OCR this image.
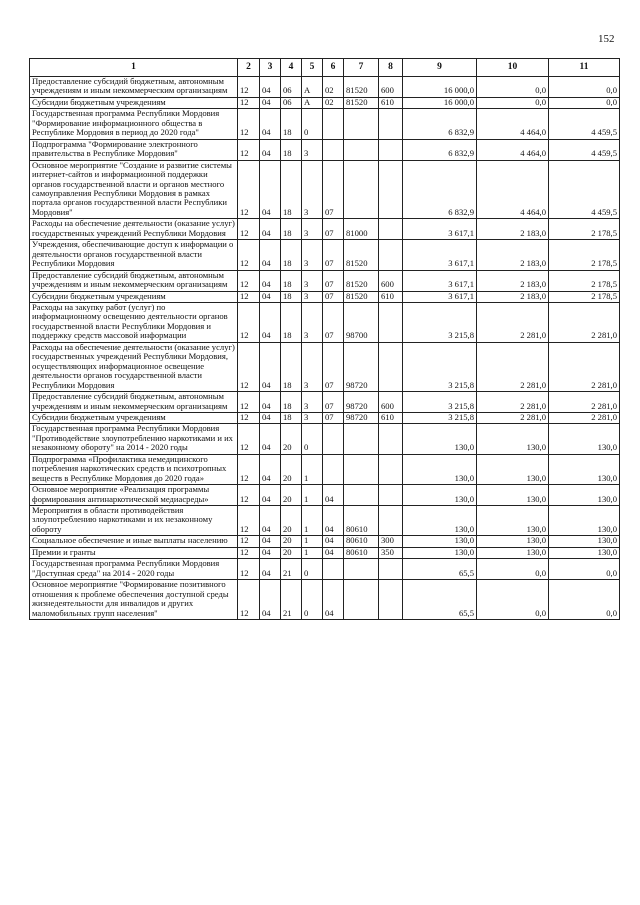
152
1	2	3	4	5	6	7	8	9	10	11
Предоставление субсидий бюджетным, автономным учреждениям и иным некоммерческим организациям	12	04	06	А	02	81520	600	16 000,0	0,0	0,0
Субсидии бюджетным учреждениям	12	04	06	А	02	81520	610	16 000,0	0,0	0,0
Государственная программа Республики Мордовия "Формирование информационного общества в Республике Мордовия в период до 2020 года"	12	04	18	0				6 832,9	4 464,0	4 459,5
Подпрограмма "Формирование электронного правительства в Республике Мордовия"	12	04	18	3				6 832,9	4 464,0	4 459,5
Основное мероприятие "Создание и развитие системы интернет-сайтов и информационной поддержки органов государственной власти и органов местного самоуправления Республики Мордовия в рамках портала органов государственной власти Республики Мордовия"	12	04	18	3	07			6 832,9	4 464,0	4 459,5
Расходы на обеспечение деятельности (оказание услуг) государственных учреждений Республики Мордовия	12	04	18	3	07	81000		3 617,1	2 183,0	2 178,5
Учреждения, обеспечивающие доступ к информации о деятельности органов государственной власти Республики Мордовия	12	04	18	3	07	81520		3 617,1	2 183,0	2 178,5
Предоставление субсидий бюджетным, автономным учреждениям и иным некоммерческим организациям	12	04	18	3	07	81520	600	3 617,1	2 183,0	2 178,5
Субсидии бюджетным учреждениям	12	04	18	3	07	81520	610	3 617,1	2 183,0	2 178,5
Расходы на закупку работ (услуг) по информационному освещению деятельности органов государственной власти Республики Мордовия и поддержку средств массовой информации	12	04	18	3	07	98700		3 215,8	2 281,0	2 281,0
Расходы на обеспечение деятельности (оказание услуг) государственных учреждений Республики Мордовия, осуществляющих информационное освещение деятельности органов государственной власти Республики Мордовия	12	04	18	3	07	98720		3 215,8	2 281,0	2 281,0
Предоставление субсидий бюджетным, автономным учреждениям и иным некоммерческим организациям	12	04	18	3	07	98720	600	3 215,8	2 281,0	2 281,0
Субсидии бюджетным учреждениям	12	04	18	3	07	98720	610	3 215,8	2 281,0	2 281,0
Государственная программа Республики Мордовия "Противодействие злоупотреблению наркотиками и их незаконному обороту" на 2014 - 2020 годы	12	04	20	0				130,0	130,0	130,0
Подпрограмма «Профилактика немедицинского потребления наркотических средств и психотропных веществ в Республике Мордовия до 2020 года»	12	04	20	1				130,0	130,0	130,0
Основное мероприятие «Реализация программы формирования антинаркотической медиасреды»	12	04	20	1	04			130,0	130,0	130,0
Мероприятия в области противодействия злоупотреблению наркотиками и их незаконному обороту	12	04	20	1	04	80610		130,0	130,0	130,0
Социальное обеспечение и иные выплаты населению	12	04	20	1	04	80610	300	130,0	130,0	130,0
Премии и гранты	12	04	20	1	04	80610	350	130,0	130,0	130,0
Государственная программа Республики Мордовия "Доступная среда" на 2014 - 2020 годы	12	04	21	0				65,5	0,0	0,0
Основное мероприятие "Формирование позитивного отношения к проблеме обеспечения доступной среды жизнедеятельности для инвалидов и других маломобильных групп населения"	12	04	21	0	04			65,5	0,0	0,0
